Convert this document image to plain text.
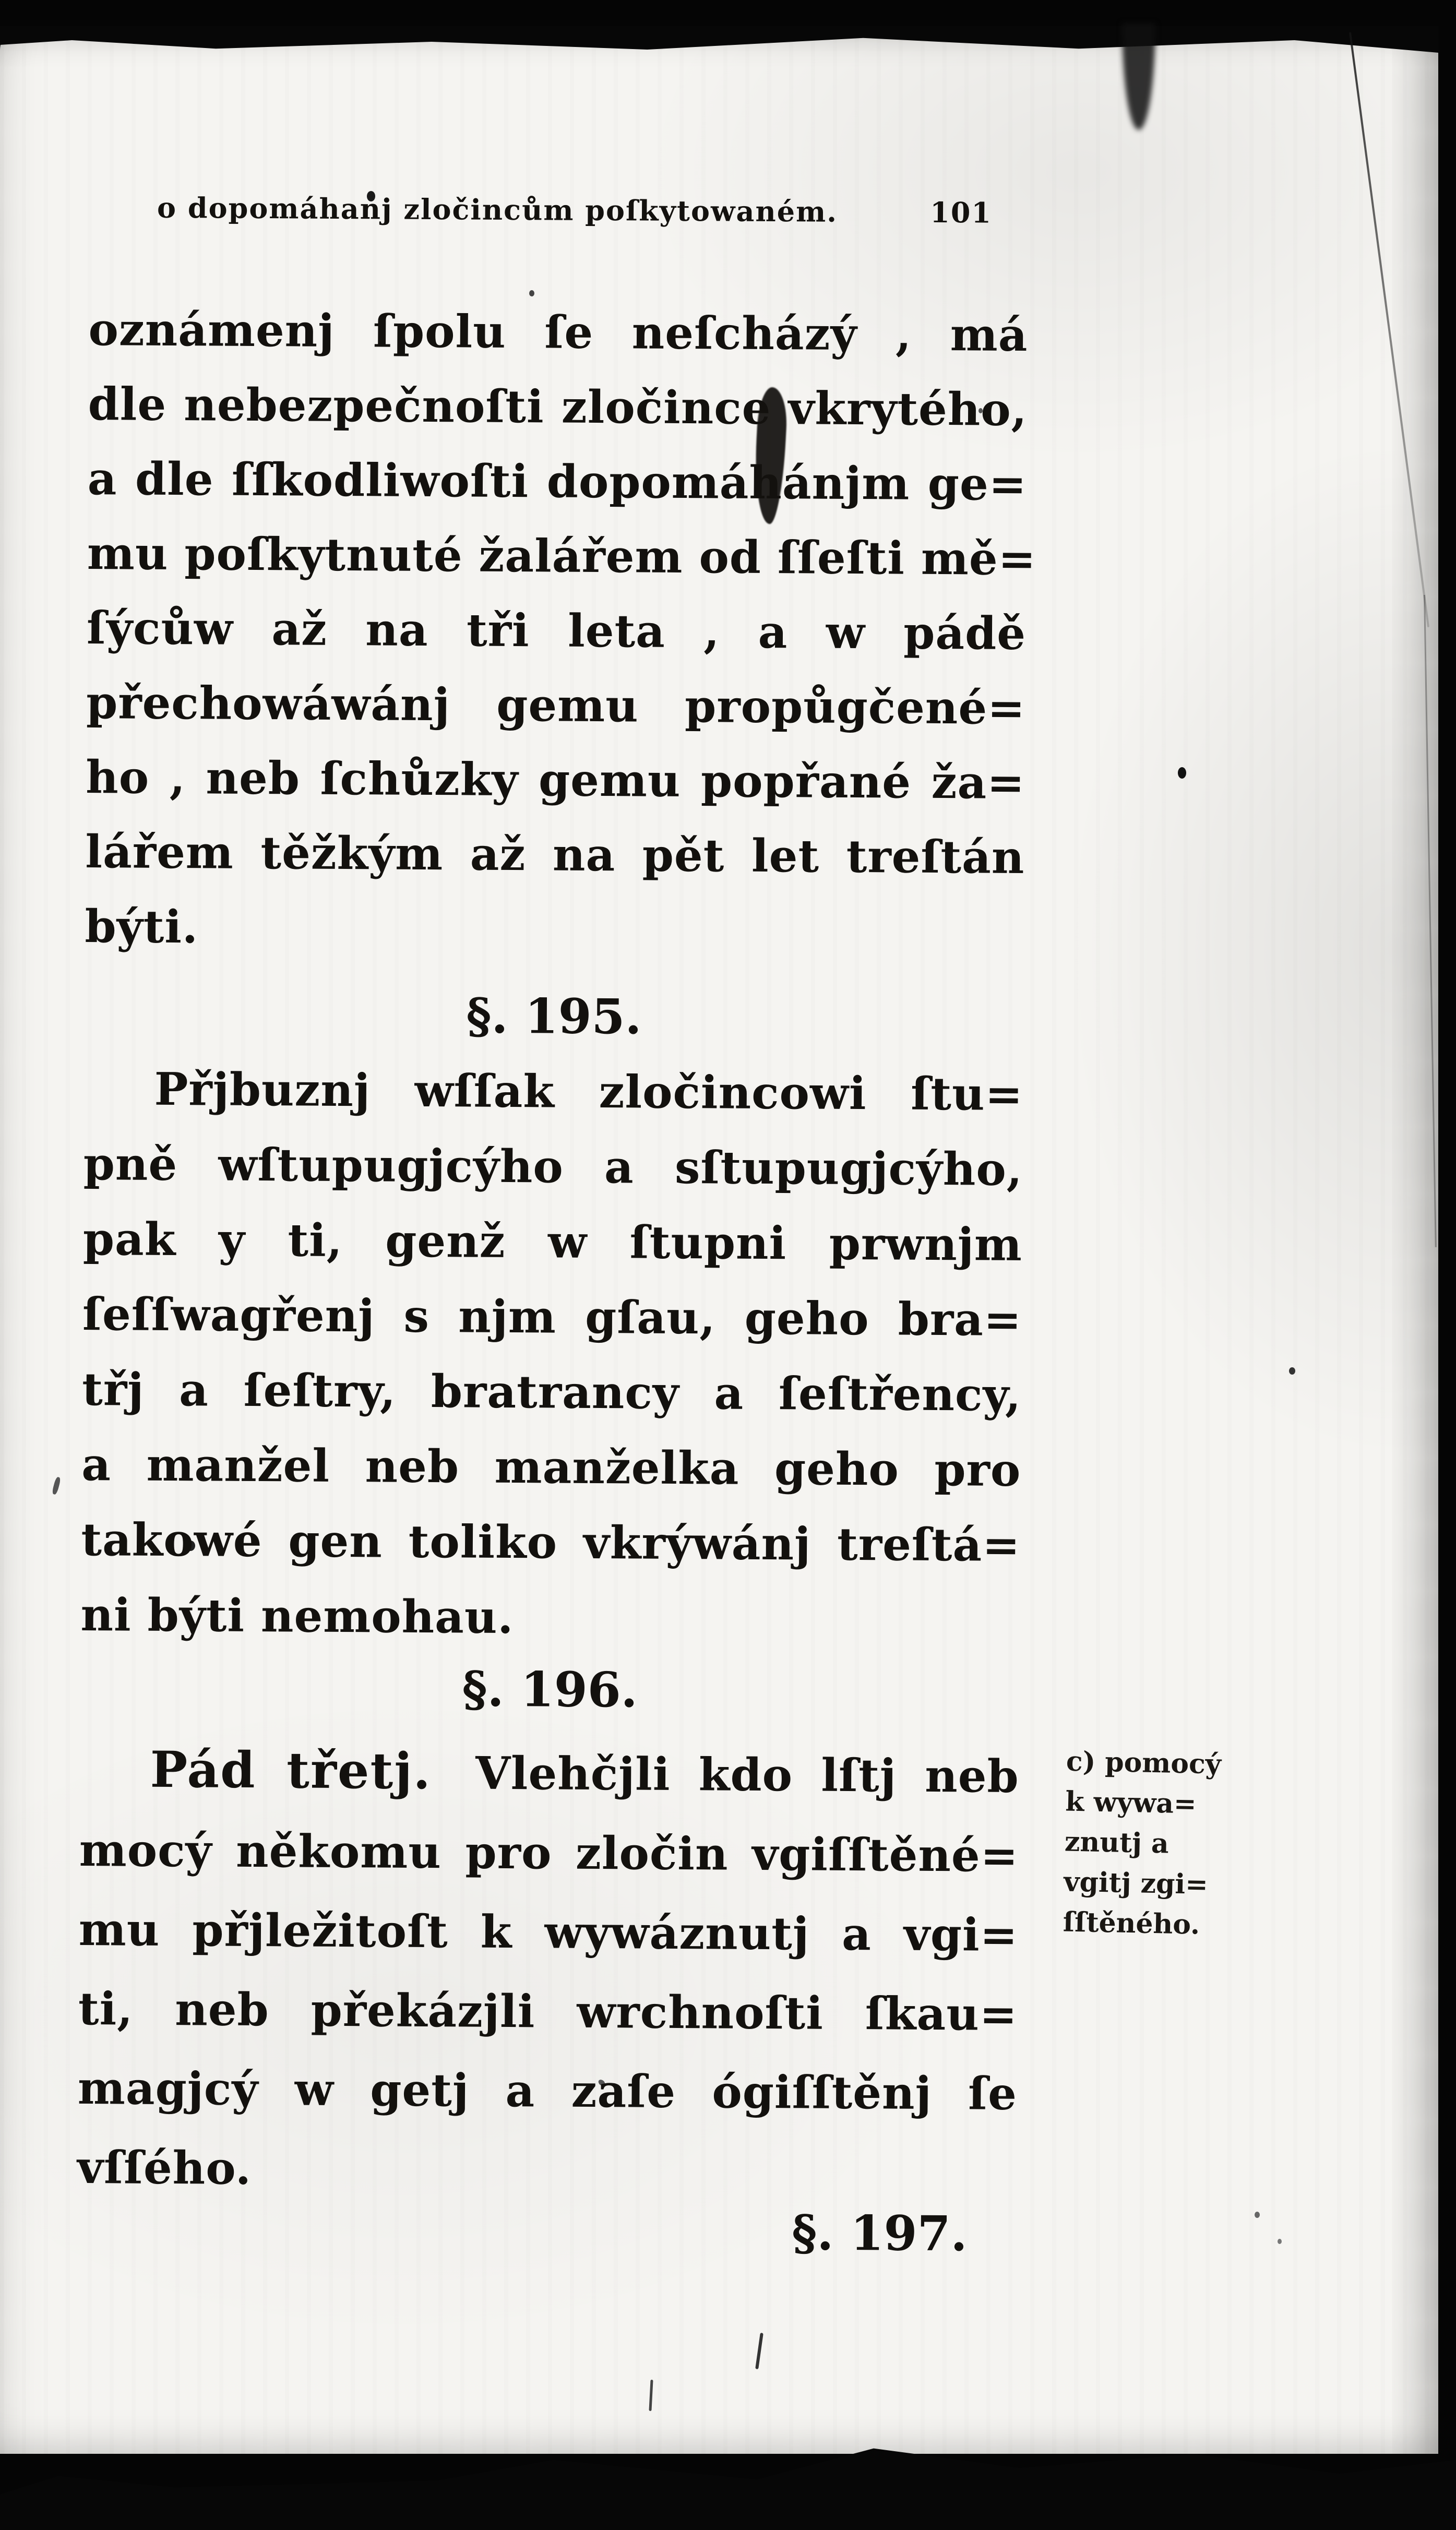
o dopomáhanj zločincům poſkytowaném.	101
oznámenj ſpolu ſe neſcházý , má
dle nebezpečnoſti zločince vkrytého,
a dle ſſkodliwoſti dopomáhánjm ge=
mu poſkytnuté žalářem od ſſeſti mě=
ſýcůw až na tři leta , a w pádě
přechowáwánj gemu propůgčené=
ho , neb ſchůzky gemu popřané ža=
lářem těžkým až na pět let treſtán
býti.
§. 195.
Přjbuznj wſſak zločincowi ſtu=
pně wſtupugjcýho a sſtupugjcýho,
pak y ti, genž w ſtupni prwnjm
ſeſſwagřenj s njm gſau, geho bra=
třj a ſeſtry, bratrancy a ſeſtřency,
a manžel neb manželka geho pro
takowé gen toliko vkrýwánj treſtá=
ni býti nemohau.
§. 196.
Pád třetj. Vlehčjli kdo lſtj neb
mocý někomu pro zločin vgiſſtěné=
mu přjležitoſt k wywáznutj a vgi=
ti, neb překázjli wrchnoſti ſkau=
magjcý w getj a zaſe ógiſſtěnj ſe
vſſého.
§. 197.
c) pomocý
k wywa=
znutj a
vgitj zgi=
ſſtěného.
